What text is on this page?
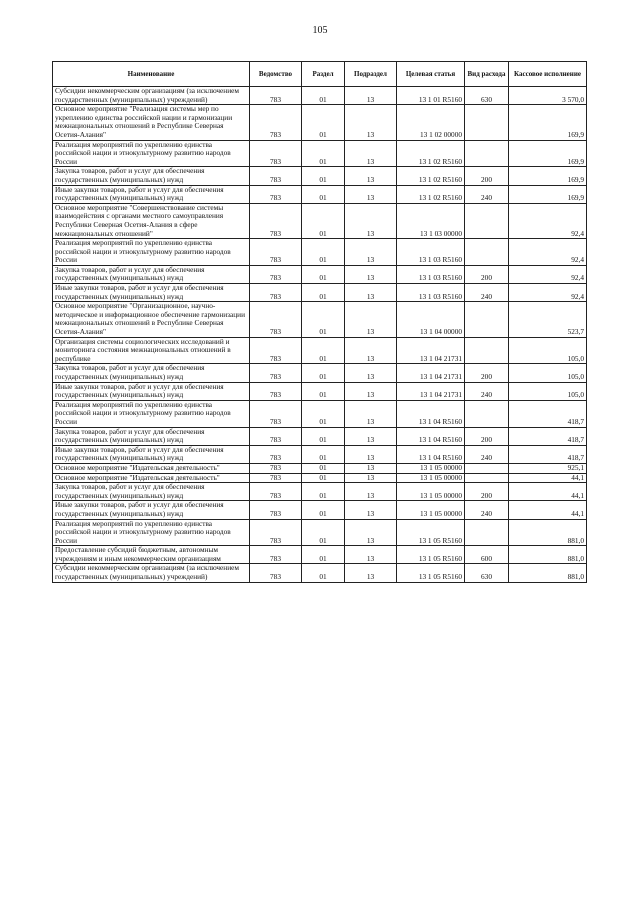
105
Наименование	Ведомство	Раздел	Подраздел	Целевая статья	Вид расхода	Кассовое исполнение
Субсидии некоммерческим организациям (за исключением государственных (муниципальных) учреждений)	783	01	13	13 1 01 R5160	630	3 570,0
Основное мероприятие "Реализация системы мер по укреплению единства российской нации и гармонизации межнациональных отношений в Республике Северная Осетия-Алания"	783	01	13	13 1 02 00000		169,9
Реализация мероприятий по укреплению единства российской нации и этнокультурному развитию народов России	783	01	13	13 1 02 R5160		169,9
Закупка товаров, работ и услуг для обеспечения государственных (муниципальных) нужд	783	01	13	13 1 02 R5160	200	169,9
Иные закупки товаров, работ и услуг для обеспечения государственных (муниципальных) нужд	783	01	13	13 1 02 R5160	240	169,9
Основное мероприятие "Совершенствование системы взаимодействия с органами местного самоуправления Республики Северная Осетия-Алания в сфере межнациональных отношений"	783	01	13	13 1 03 00000		92,4
Реализация мероприятий по укреплению единства российской нации и этнокультурному развитию народов России	783	01	13	13 1 03 R5160		92,4
Закупка товаров, работ и услуг для обеспечения государственных (муниципальных) нужд	783	01	13	13 1 03 R5160	200	92,4
Иные закупки товаров, работ и услуг для обеспечения государственных (муниципальных) нужд	783	01	13	13 1 03 R5160	240	92,4
Основное мероприятие "Организационное, научно-методическое и информационное обеспечение гармонизации межнациональных отношений в Республике Северная Осетия-Алания"	783	01	13	13 1 04 00000		523,7
Организация системы социологических исследований и мониторинга состояния межнациональных отношений в республике	783	01	13	13 1 04 21731		105,0
Закупка товаров, работ и услуг для обеспечения государственных (муниципальных) нужд	783	01	13	13 1 04 21731	200	105,0
Иные закупки товаров, работ и услуг для обеспечения государственных (муниципальных) нужд	783	01	13	13 1 04 21731	240	105,0
Реализация мероприятий по укреплению единства российской нации и этнокультурному развитию народов России	783	01	13	13 1 04 R5160		418,7
Закупка товаров, работ и услуг для обеспечения государственных (муниципальных) нужд	783	01	13	13 1 04 R5160	200	418,7
Иные закупки товаров, работ и услуг для обеспечения государственных (муниципальных) нужд	783	01	13	13 1 04 R5160	240	418,7
Основное мероприятие "Издательская деятельность"	783	01	13	13 1 05 00000		925,1
Основное мероприятие "Издательская деятельность"	783	01	13	13 1 05 00000		44,1
Закупка товаров, работ и услуг для обеспечения государственных (муниципальных) нужд	783	01	13	13 1 05 00000	200	44,1
Иные закупки товаров, работ и услуг для обеспечения государственных (муниципальных) нужд	783	01	13	13 1 05 00000	240	44,1
Реализация мероприятий по укреплению единства российской нации и этнокультурному развитию народов России	783	01	13	13 1 05 R5160		881,0
Предоставление субсидий бюджетным, автономным учреждениям и иным некоммерческим организациям	783	01	13	13 1 05 R5160	600	881,0
Субсидии некоммерческим организациям (за исключением государственных (муниципальных) учреждений)	783	01	13	13 1 05 R5160	630	881,0
